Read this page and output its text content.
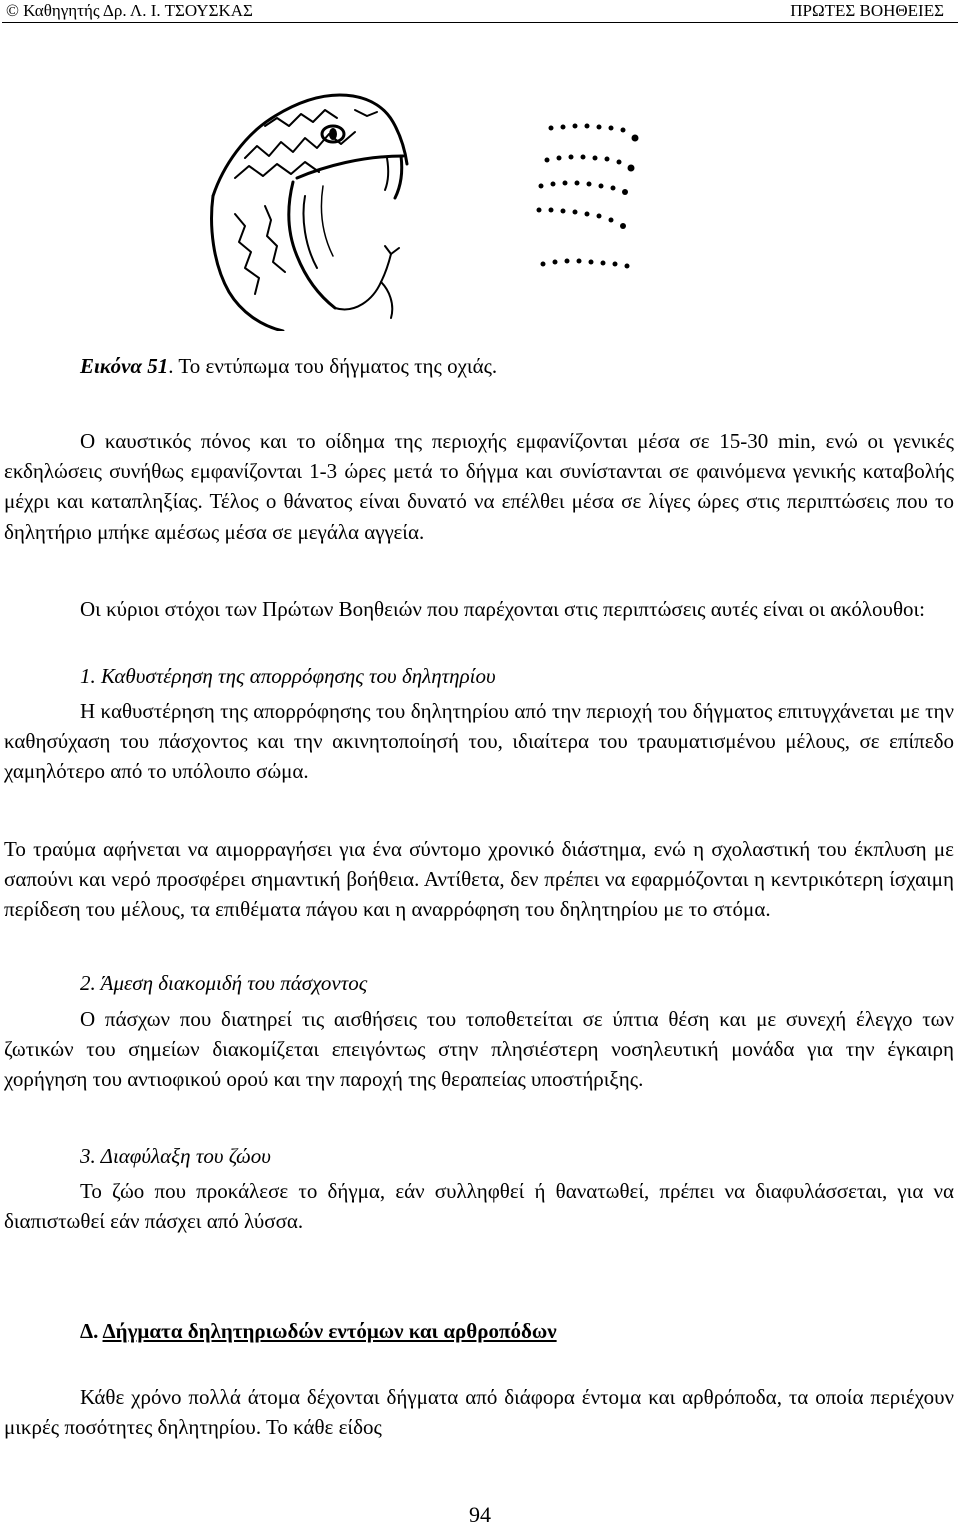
© Καθηγητής Δρ. Λ. Ι. ΤΣΟΥΣΚΑΣ	ΠΡΩΤΕΣ ΒΟΗΘΕΙΕΣ
Εικόνα 51. Το εντύπωμα του δήγματος της οχιάς.

Ο καυστικός πόνος και το οίδημα της περιοχής εμφανίζονται μέσα σε 15-30 min, ενώ οι γενικές εκδηλώσεις συνήθως εμφανίζονται 1-3 ώρες μετά το δήγμα και συνίστανται σε φαινόμενα γενικής καταβολής μέχρι και καταπληξίας. Τέλος ο θάνατος είναι δυνατό να επέλθει μέσα σε λίγες ώρες στις περιπτώσεις που το δηλητήριο μπήκε αμέσως μέσα σε μεγάλα αγγεία.

Οι κύριοι στόχοι των Πρώτων Βοηθειών που παρέχονται στις περιπτώσεις αυτές είναι οι ακόλουθοι:

1. Καθυστέρηση της απορρόφησης του δηλητηρίου

Η καθυστέρηση της απορρόφησης του δηλητηρίου από την περιοχή του δήγματος επιτυγχάνεται με την καθησύχαση του πάσχοντος και την ακινητοποίησή του, ιδιαίτερα του τραυματισμένου μέλους, σε επίπεδο χαμηλότερο από το υπόλοιπο σώμα.

Το τραύμα αφήνεται να αιμορραγήσει για ένα σύντομο χρονικό διάστημα, ενώ η σχολαστική του έκπλυση με σαπούνι και νερό προσφέρει σημαντική βοήθεια. Αντίθετα, δεν πρέπει να εφαρμόζονται η κεντρικότερη ίσχαιμη περίδεση του μέλους, τα επιθέματα πάγου και η αναρρόφηση του δηλητηρίου με το στόμα.

2. Άμεση διακομιδή του πάσχοντος

Ο πάσχων που διατηρεί τις αισθήσεις του τοποθετείται σε ύπτια θέση και με συνεχή έλεγχο των ζωτικών του σημείων διακομίζεται επειγόντως στην πλησιέστερη νοσηλευτική μονάδα για την έγκαιρη χορήγηση του αντιοφικού ορού και την παροχή της θεραπείας υποστήριξης.

3. Διαφύλαξη του ζώου

Το ζώο που προκάλεσε το δήγμα, εάν συλληφθεί ή θανατωθεί, πρέπει να διαφυλάσσεται, για να διαπιστωθεί εάν πάσχει από λύσσα.

Δ. Δήγματα δηλητηριωδών εντόμων και αρθροπόδων

Κάθε χρόνο πολλά άτομα δέχονται δήγματα από διάφορα έντομα και αρθρόποδα, τα οποία περιέχουν μικρές ποσότητες δηλητηρίου. Το κάθε είδος

94
